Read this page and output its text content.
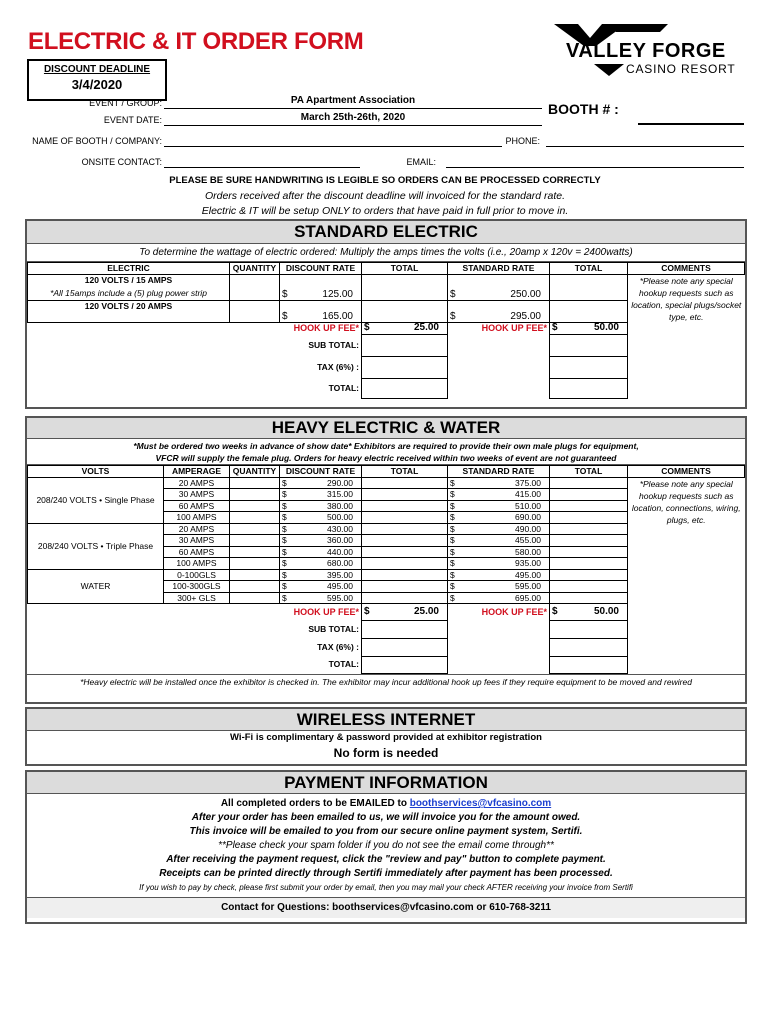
ELECTRIC & IT ORDER FORM
DISCOUNT DEADLINE
3/4/2020
VALLEY FORGE
CASINO RESORT
EVENT / GROUP:	PA Apartment Association
EVENT DATE:	March 25th-26th, 2020
BOOTH # :
NAME OF BOOTH / COMPANY:	PHONE:
ONSITE CONTACT:	EMAIL:
PLEASE BE SURE HANDWRITING IS LEGIBLE SO ORDERS CAN BE PROCESSED CORRECTLY
Orders received after the discount deadline will invoiced for the standard rate.
Electric & IT will be setup ONLY to orders that have paid in full prior to move in.
STANDARD ELECTRIC
To determine the wattage of electric ordered: Multiply the amps times the volts (i.e., 20amp x 120v = 2400watts)
ELECTRIC	QUANTITY	DISCOUNT RATE	TOTAL	STANDARD RATE	TOTAL	COMMENTS
120 VOLTS / 15 AMPS		$ 125.00		$ 250.00		*Please note any special hookup requests such as location, special plugs/socket type, etc.
*All 15amps include a (5) plug power strip						
120 VOLTS / 20 AMPS		$ 165.00		$ 295.00		

		HOOK UP FEE*	$ 25.00	HOOK UP FEE*	$ 50.00	

SUB TOTAL:						
TAX (6%) :						
TOTAL:						
HEAVY ELECTRIC & WATER
*Must be ordered two weeks in advance of show date* Exhibitors are required to provide their own male plugs for equipment,
VFCR will supply the female plug. Orders for heavy electric received within two weeks of event are not guaranteed
VOLTS	AMPERAGE	QUANTITY	DISCOUNT RATE	TOTAL	STANDARD RATE	TOTAL	COMMENTS
208/240 VOLTS • Single Phase	20 AMPS		$ 290.00		$ 375.00		*Please note any special hookup requests such as location, connections, wiring, plugs, etc.
	30 AMPS		$ 315.00		$ 415.00		

	60 AMPS		$ 380.00		$ 510.00		

	100 AMPS		$ 500.00		$ 690.00		

208/240 VOLTS • Triple Phase	20 AMPS		$ 430.00		$ 490.00		

	30 AMPS		$ 360.00		$ 455.00		

	60 AMPS		$ 440.00		$ 580.00		

	100 AMPS		$ 680.00		$ 935.00		

WATER	0-100GLS		$ 395.00		$ 495.00		

	100-300GLS		$ 495.00		$ 595.00		

	300+ GLS		$ 595.00		$ 695.00		

			HOOK UP FEE*	$ 25.00	HOOK UP FEE*	$ 50.00	

SUB TOTAL:							
TAX (6%) :							
TOTAL:							
*Heavy electric will be installed once the exhibitor is checked in. The exhibitor may incur additional hook up fees if they require equipment to be moved and rewired
WIRELESS INTERNET
Wi-Fi is complimentary & password provided at exhibitor registration
No form is needed
PAYMENT INFORMATION
All completed orders to be EMAILED to boothservices@vfcasino.com
After your order has been emailed to us, we will invoice you for the amount owed.
This invoice will be emailed to you from our secure online payment system, Sertifi.
**Please check your spam folder if you do not see the email come through**
After receiving the payment request, click the "review and pay" button to complete payment.
Receipts can be printed directly through Sertifi immediately after payment has been processed.
If you wish to pay by check, please first submit your order by email, then you may mail your check AFTER receiving your invoice from Sertifi
Contact for Questions: boothservices@vfcasino.com or 610-768-3211
